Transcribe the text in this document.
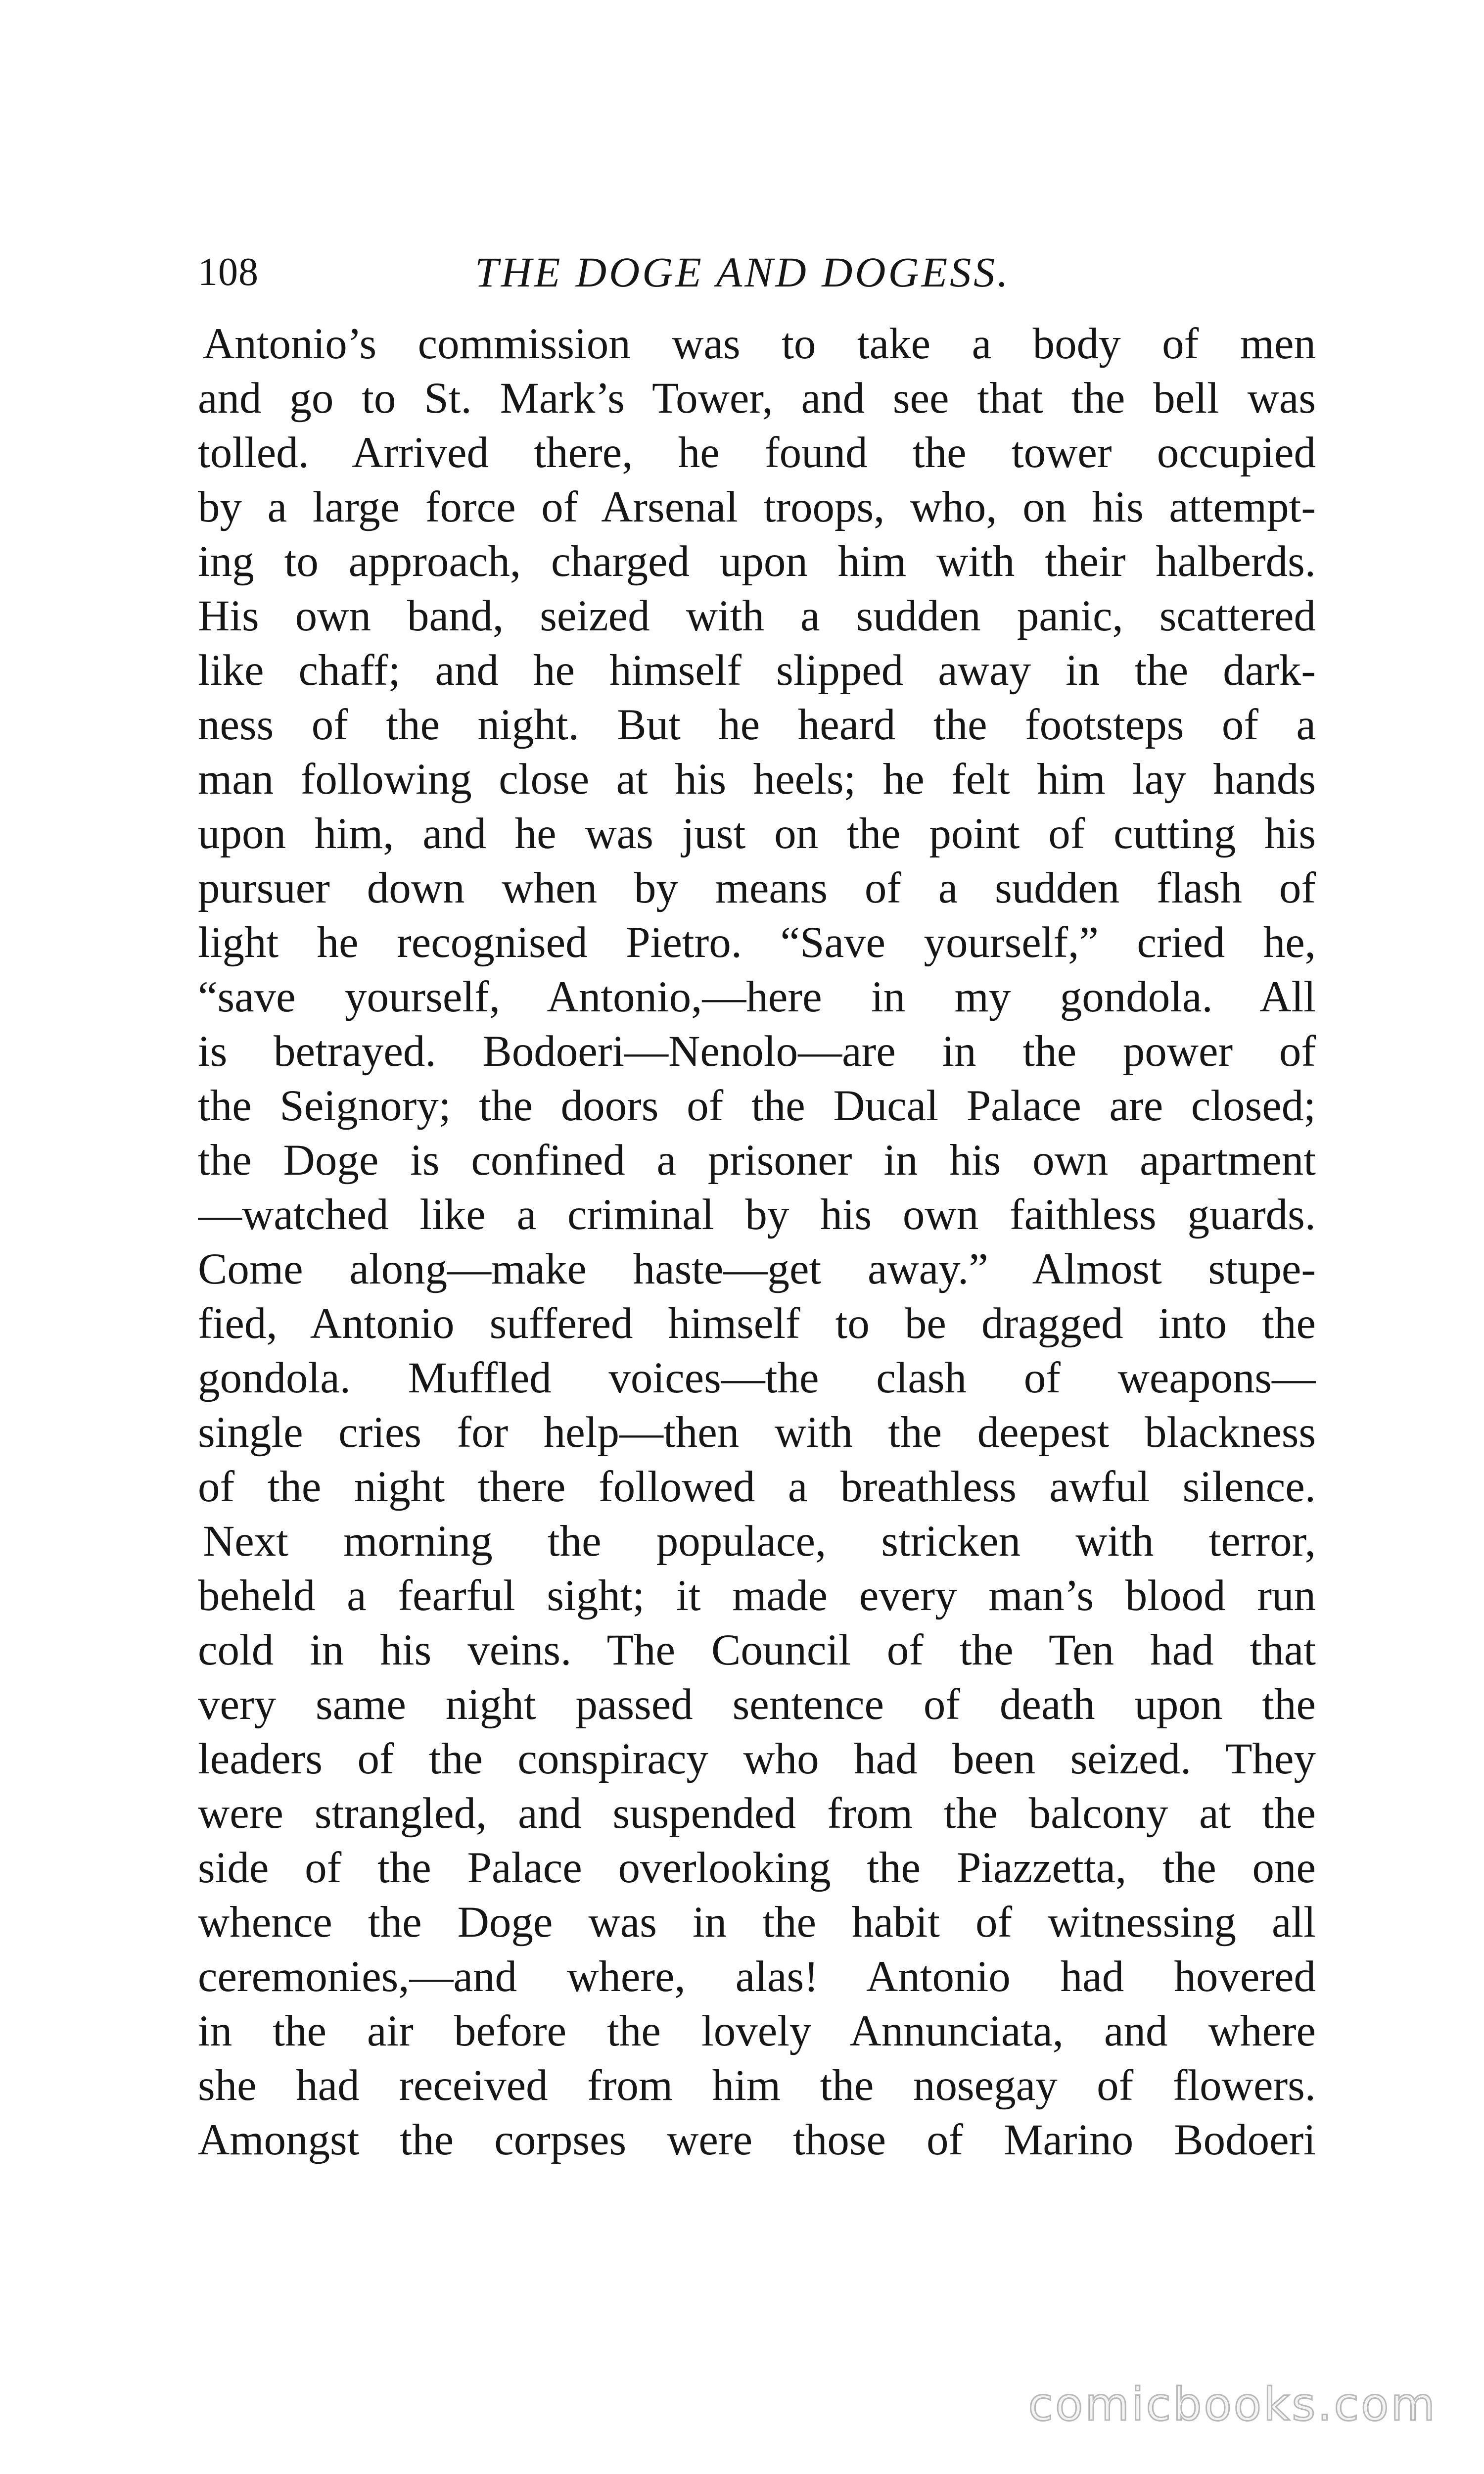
108	THE DOGE AND DOGESS.
Antonio’s commission was to take a body of men
and go to St. Mark’s Tower, and see that the bell was
tolled. Arrived there, he found the tower occupied
by a large force of Arsenal troops, who, on his attempt-
ing to approach, charged upon him with their halberds.
His own band, seized with a sudden panic, scattered
like chaff; and he himself slipped away in the dark-
ness of the night. But he heard the footsteps of a
man following close at his heels; he felt him lay hands
upon him, and he was just on the point of cutting his
pursuer down when by means of a sudden flash of
light he recognised Pietro. “Save yourself,” cried he,
“save yourself, Antonio,—here in my gondola. All
is betrayed. Bodoeri—Nenolo—are in the power of
the Seignory; the doors of the Ducal Palace are closed;
the Doge is confined a prisoner in his own apartment
—watched like a criminal by his own faithless guards.
Come along—make haste—get away.” Almost stupe-
fied, Antonio suffered himself to be dragged into the
gondola. Muffled voices—the clash of weapons—
single cries for help—then with the deepest blackness
of the night there followed a breathless awful silence.
Next morning the populace, stricken with terror,
beheld a fearful sight; it made every man’s blood run
cold in his veins. The Council of the Ten had that
very same night passed sentence of death upon the
leaders of the conspiracy who had been seized. They
were strangled, and suspended from the balcony at the
side of the Palace overlooking the Piazzetta, the one
whence the Doge was in the habit of witnessing all
ceremonies,—and where, alas! Antonio had hovered
in the air before the lovely Annunciata, and where
she had received from him the nosegay of flowers.
Amongst the corpses were those of Marino Bodoeri
comicbooks.com
